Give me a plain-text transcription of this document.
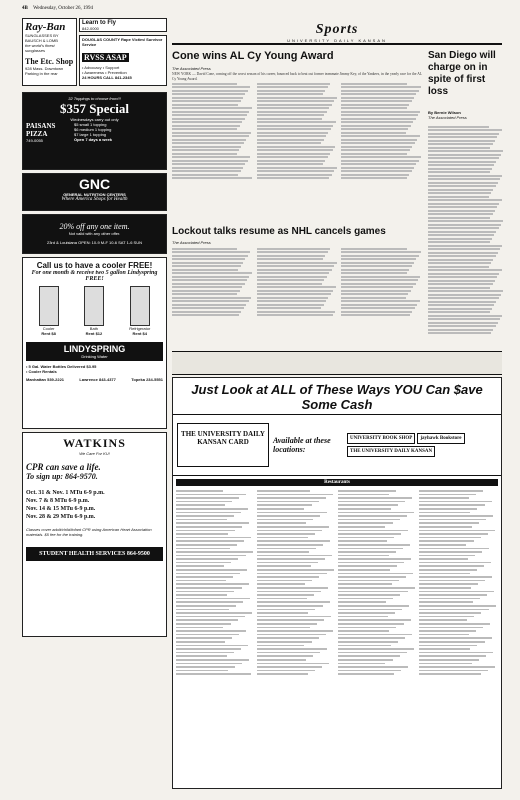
4B Wednesday, October 26, 1994
Ray-Ban
SUNGLASSES BY BAUSCH & LOMB
the world's finest sunglasses
The Etc. Shop
928 Mass. Downtown
Parking in the rear
Learn to Fly
842-0000
DOUGLAS COUNTY Rape Victim/ Survivor Service
RVSS ASAP
• Advocacy • Support
• Awareness • Prevention
24 HOURS CALL 841-2345
32 Toppings to choose from!!!
$357 Special
Wednesdays carry out only
PAISANS PIZZA
749-0055
$5 small 1 topping
$6 medium 1 topping
$7 large 1 topping
Open 7 days a week
GNC
GENERAL NUTRITION CENTERS
Where America Shops for Health
20% off any one item.
Not valid with any other offer.
23rd & Louisiana OPEN: 10-9 M-F 10-6 SAT 1-6 SUN
Call us to have a cooler FREE!
For one month & receive two 5 gallon Lindyspring FREE!
Cooler
Rent $8
Bath
Rent $12
Refrigerator
Rent $4
LINDYSPRING
Drinking Water
• 5 Gal. Water Bottles Delivered $3.95
• Cooler Rentals
Manhattan 539-2221	Lawrence 843-4377	Topeka 234-5551
WATKINS
We Care For KU!
CPR can save a life.
To sign up: 864-9570.
Oct. 31 & Nov. 1 MTu 6-9 p.m.
Nov. 7 & 8 MTu 6-9 p.m.
Nov. 14 & 15 MTu 6-9 p.m.
Nov. 28 & 29 MTu 6-9 p.m.
Classes cover adult/child/infant CPR using American Heart Association materials. $5 fee for the training.
STUDENT HEALTH SERVICES 864-9500
Sports
UNIVERSITY DAILY KANSAN
Cone wins AL Cy Young Award
The Associated Press
NEW YORK — David Cone, coming off the worst season of his career, bounced back to beat out former teammate Jimmy Key, of the Yankees, in the yearly race for the AL Cy Young Award.
San Diego will charge on in spite of first loss
By Bernie Wilson
The Associated Press
Lockout talks resume as NHL cancels games
The Associated Press
Just Look at ALL of These Ways YOU Can $ave Some Cash
THE UNIVERSITY DAILY KANSAN CARD	Available at these locations:
UNIVERSITY BOOK SHOP	jayhawk Bookstore
THE UNIVERSITY DAILY KANSAN
Restaurants
